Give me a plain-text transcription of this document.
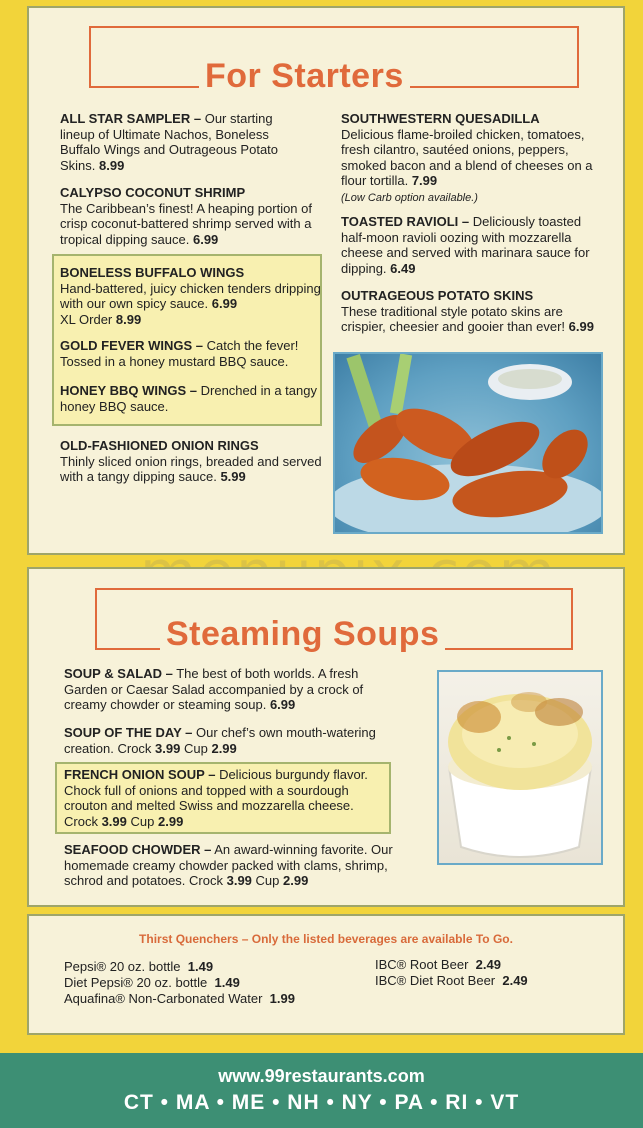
For Starters
ALL STAR SAMPLER – Our starting lineup of Ultimate Nachos, Boneless Buffalo Wings and Outrageous Potato Skins. 8.99
CALYPSO COCONUT SHRIMP
The Caribbean’s finest! A heaping portion of crisp coconut-battered shrimp served with a tropical dipping sauce. 6.99
BONELESS BUFFALO WINGS
Hand-battered, juicy chicken tenders dripping with our own spicy sauce. 6.99
XL Order 8.99
GOLD FEVER WINGS – Catch the fever! Tossed in a honey mustard BBQ sauce.
HONEY BBQ WINGS – Drenched in a tangy honey BBQ sauce.
OLD-FASHIONED ONION RINGS
Thinly sliced onion rings, breaded and served with a tangy dipping sauce. 5.99
SOUTHWESTERN QUESADILLA
Delicious flame-broiled chicken, tomatoes, fresh cilantro, sautéed onions, peppers, smoked bacon and a blend of cheeses on a flour tortilla. 7.99
(Low Carb option available.)
TOASTED RAVIOLI – Deliciously toasted half-moon ravioli oozing with mozzarella cheese and served with marinara sauce for dipping. 6.49
OUTRAGEOUS POTATO SKINS
These traditional style potato skins are crispier, cheesier and gooier than ever! 6.99
Steaming Soups
SOUP & SALAD – The best of both worlds. A fresh Garden or Caesar Salad accompanied by a crock of creamy chowder or steaming soup. 6.99
SOUP OF THE DAY – Our chef’s own mouth-watering creation. Crock 3.99 Cup 2.99
FRENCH ONION SOUP – Delicious burgundy flavor. Chock full of onions and topped with a sourdough crouton and melted Swiss and mozzarella cheese. Crock 3.99 Cup 2.99
SEAFOOD CHOWDER – An award-winning favorite. Our homemade creamy chowder packed with clams, shrimp, schrod and potatoes. Crock 3.99 Cup 2.99
Thirst Quenchers – Only the listed beverages are available To Go.
Pepsi® 20 oz. bottle 1.49
Diet Pepsi® 20 oz. bottle 1.49
Aquafina® Non-Carbonated Water 1.99
IBC® Root Beer 2.49
IBC® Diet Root Beer 2.49
www.99restaurants.com
CT • MA • ME • NH • NY • PA • RI • VT
